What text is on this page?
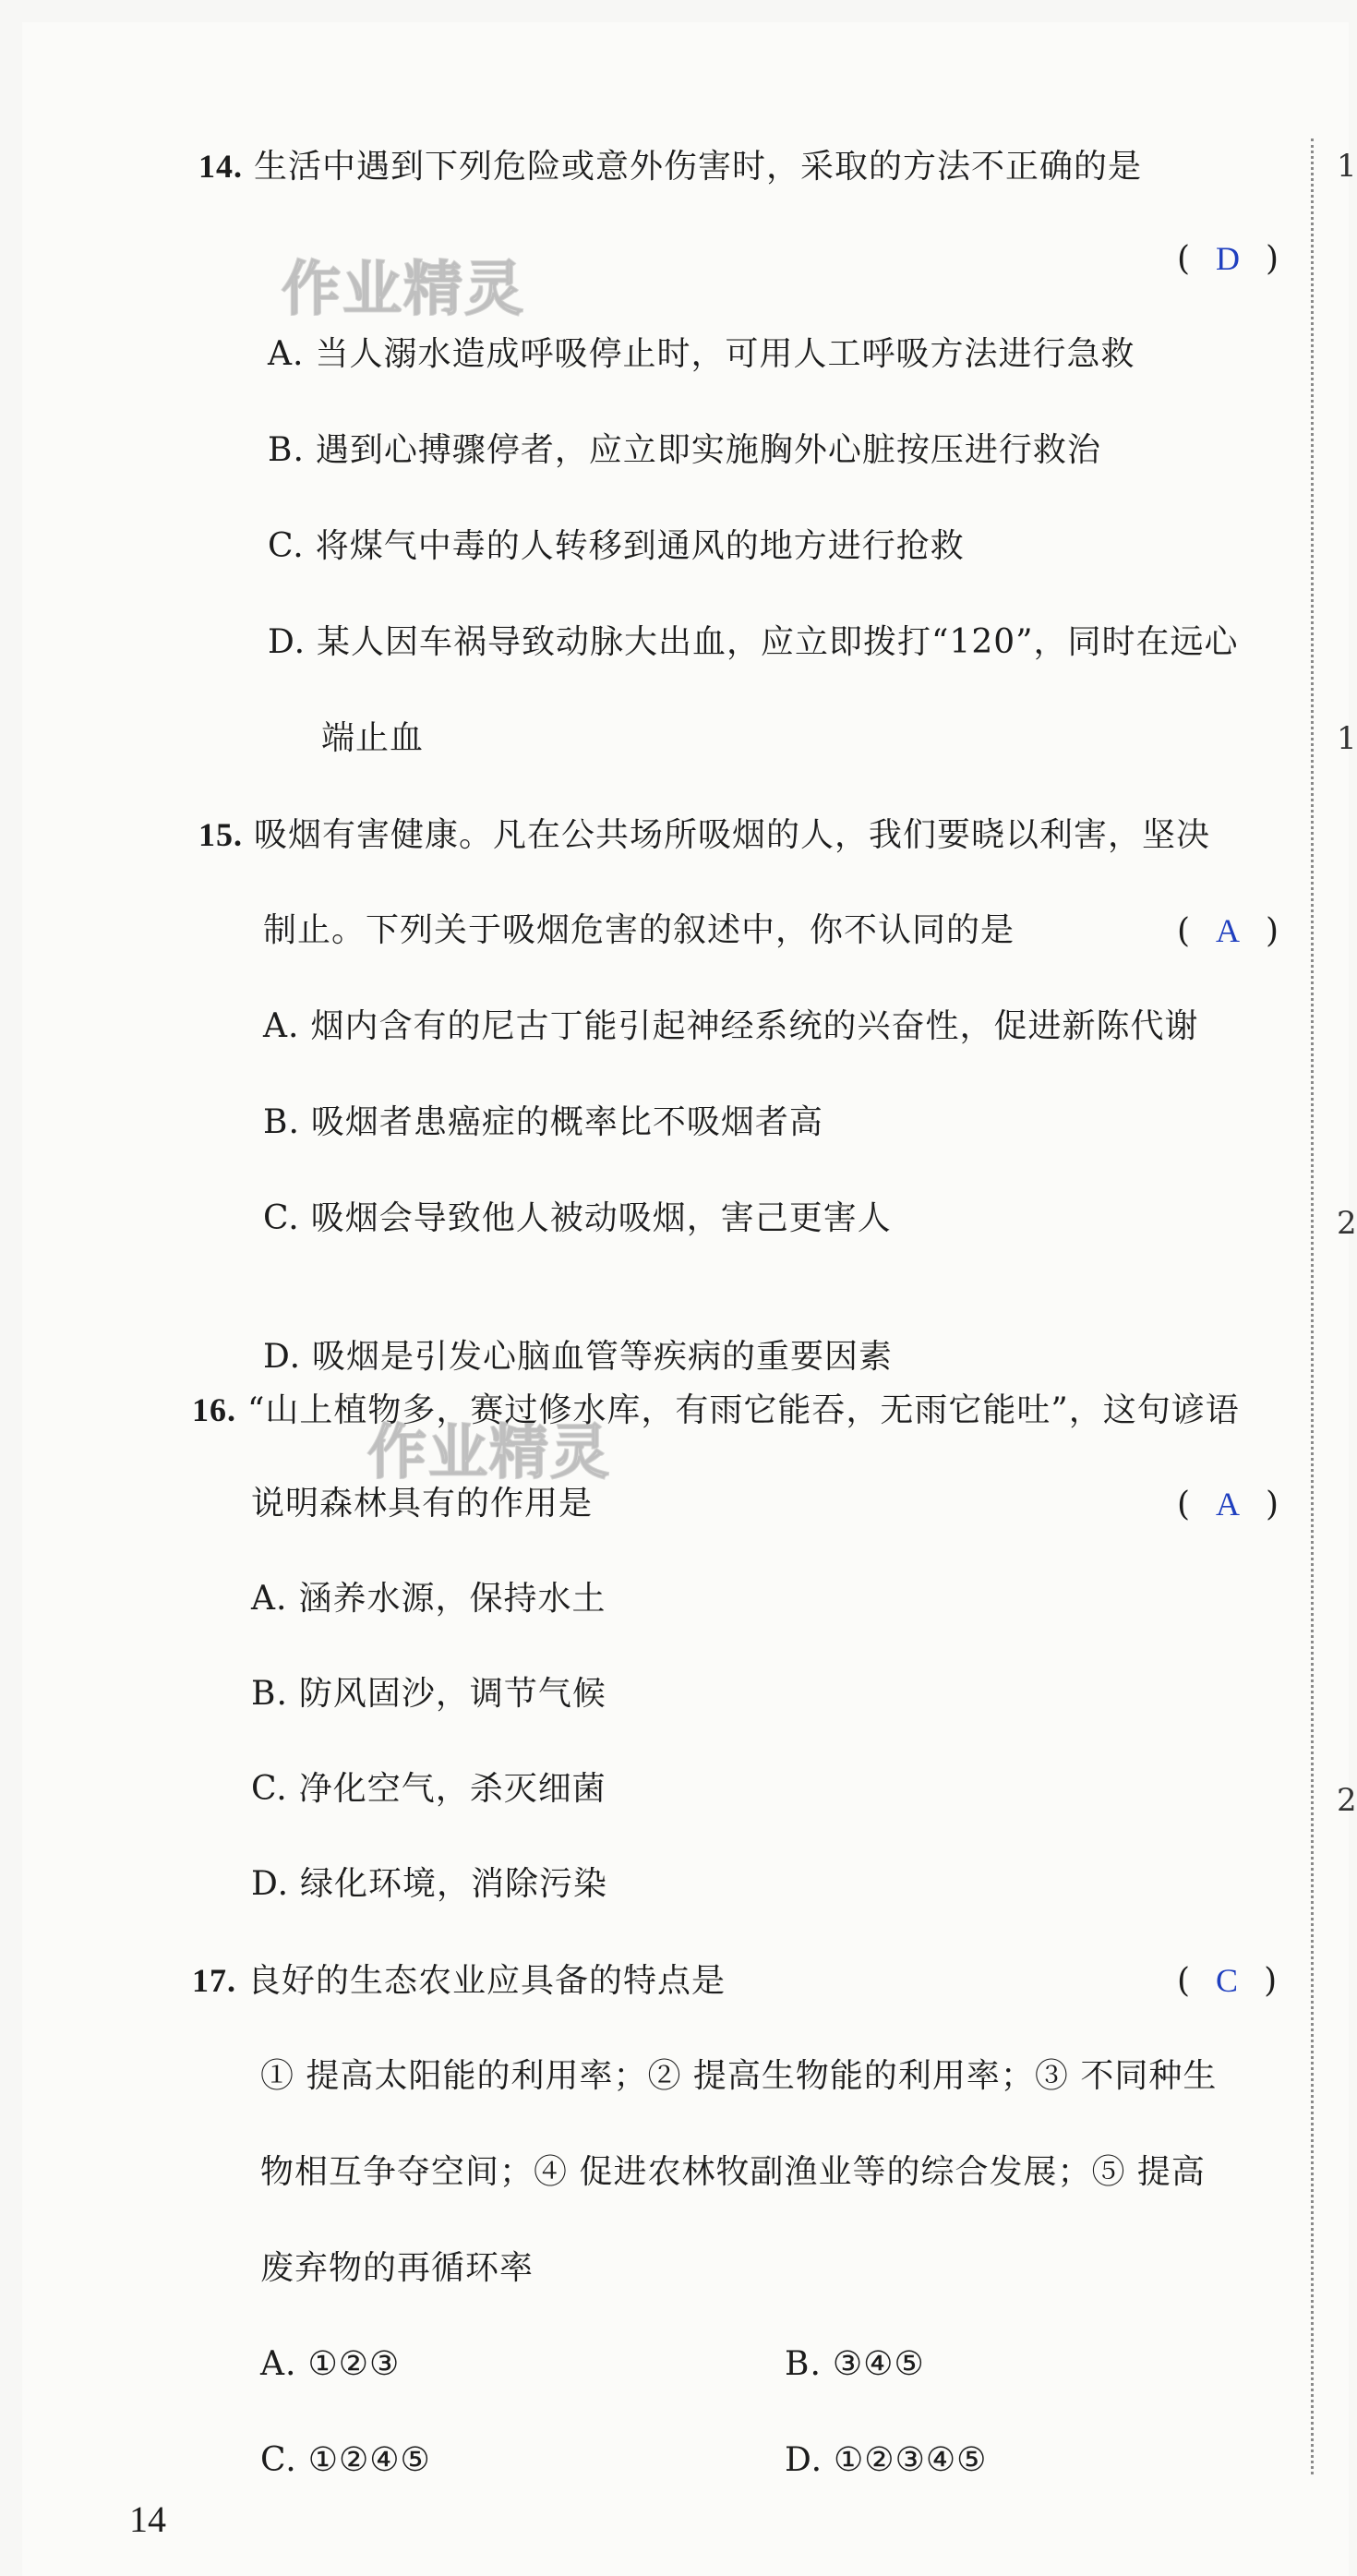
1
1
2
2
作业精灵
作业精灵
14. 生活中遇到下列危险或意外伤害时，采取的方法不正确的是
( D )
A. 当人溺水造成呼吸停止时，可用人工呼吸方法进行急救
B. 遇到心搏骤停者，应立即实施胸外心脏按压进行救治
C. 将煤气中毒的人转移到通风的地方进行抢救
D. 某人因车祸导致动脉大出血，应立即拨打“120”，同时在远心
端止血
15. 吸烟有害健康。凡在公共场所吸烟的人，我们要晓以利害，坚决
制止。下列关于吸烟危害的叙述中，你不认同的是	( A )
A. 烟内含有的尼古丁能引起神经系统的兴奋性，促进新陈代谢
B. 吸烟者患癌症的概率比不吸烟者高
C. 吸烟会导致他人被动吸烟，害己更害人
D. 吸烟是引发心脑血管等疾病的重要因素
16. “山上植物多，赛过修水库，有雨它能吞，无雨它能吐”，这句谚语
说明森林具有的作用是	( A )
A. 涵养水源，保持水土
B. 防风固沙，调节气候
C. 净化空气，杀灭细菌
D. 绿化环境，消除污染
17. 良好的生态农业应具备的特点是	( C )
① 提高太阳能的利用率；② 提高生物能的利用率；③ 不同种生
物相互争夺空间；④ 促进农林牧副渔业等的综合发展；⑤ 提高
废弃物的再循环率
A. ①②③	B. ③④⑤
C. ①②④⑤	D. ①②③④⑤
14
